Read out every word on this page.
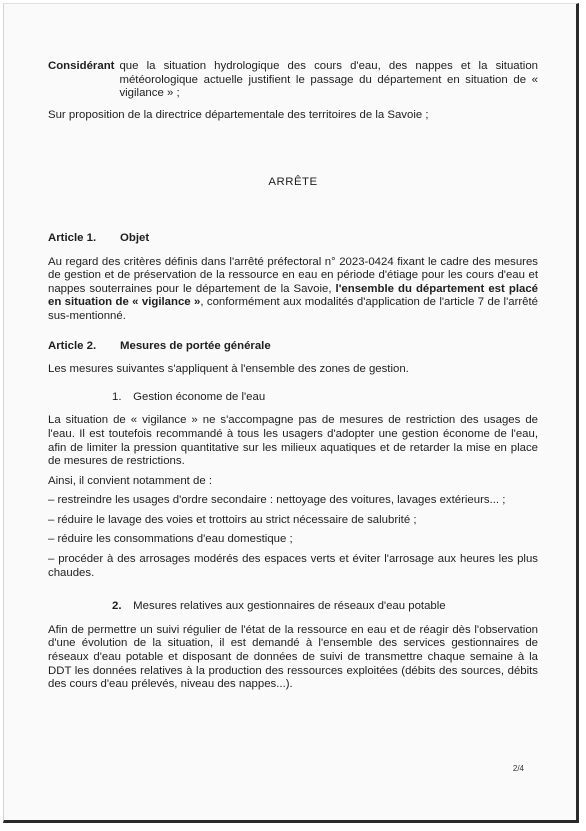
Considérant que la situation hydrologique des cours d'eau, des nappes et la situation météorologique actuelle justifient le passage du département en situation de « vigilance » ;

Sur proposition de la directrice départementale des territoires de la Savoie ;

ARRÊTE

Article 1.	Objet

Au regard des critères définis dans l'arrêté préfectoral n° 2023-0424 fixant le cadre des mesures de gestion et de préservation de la ressource en eau en période d'étiage pour les cours d'eau et nappes souterraines pour le département de la Savoie, l'ensemble du département est placé en situation de « vigilance », conformément aux modalités d'application de l'article 7 de l'arrêté sus-mentionné.

Article 2.	Mesures de portée générale

Les mesures suivantes s'appliquent à l'ensemble des zones de gestion.

1. Gestion économe de l'eau

La situation de « vigilance » ne s'accompagne pas de mesures de restriction des usages de l'eau. Il est toutefois recommandé à tous les usagers d'adopter une gestion économe de l'eau, afin de limiter la pression quantitative sur les milieux aquatiques et de retarder la mise en place de mesures de restrictions.

Ainsi, il convient notamment de :

– restreindre les usages d'ordre secondaire : nettoyage des voitures, lavages extérieurs... ;

– réduire le lavage des voies et trottoirs au strict nécessaire de salubrité ;

– réduire les consommations d'eau domestique ;

– procéder à des arrosages modérés des espaces verts et éviter l'arrosage aux heures les plus chaudes.

2. Mesures relatives aux gestionnaires de réseaux d'eau potable

Afin de permettre un suivi régulier de l'état de la ressource en eau et de réagir dès l'observation d'une évolution de la situation, il est demandé à l'ensemble des services gestionnaires de réseaux d'eau potable et disposant de données de suivi de transmettre chaque semaine à la DDT les données relatives à la production des ressources exploitées (débits des sources, débits des cours d'eau prélevés, niveau des nappes...).

2/4
